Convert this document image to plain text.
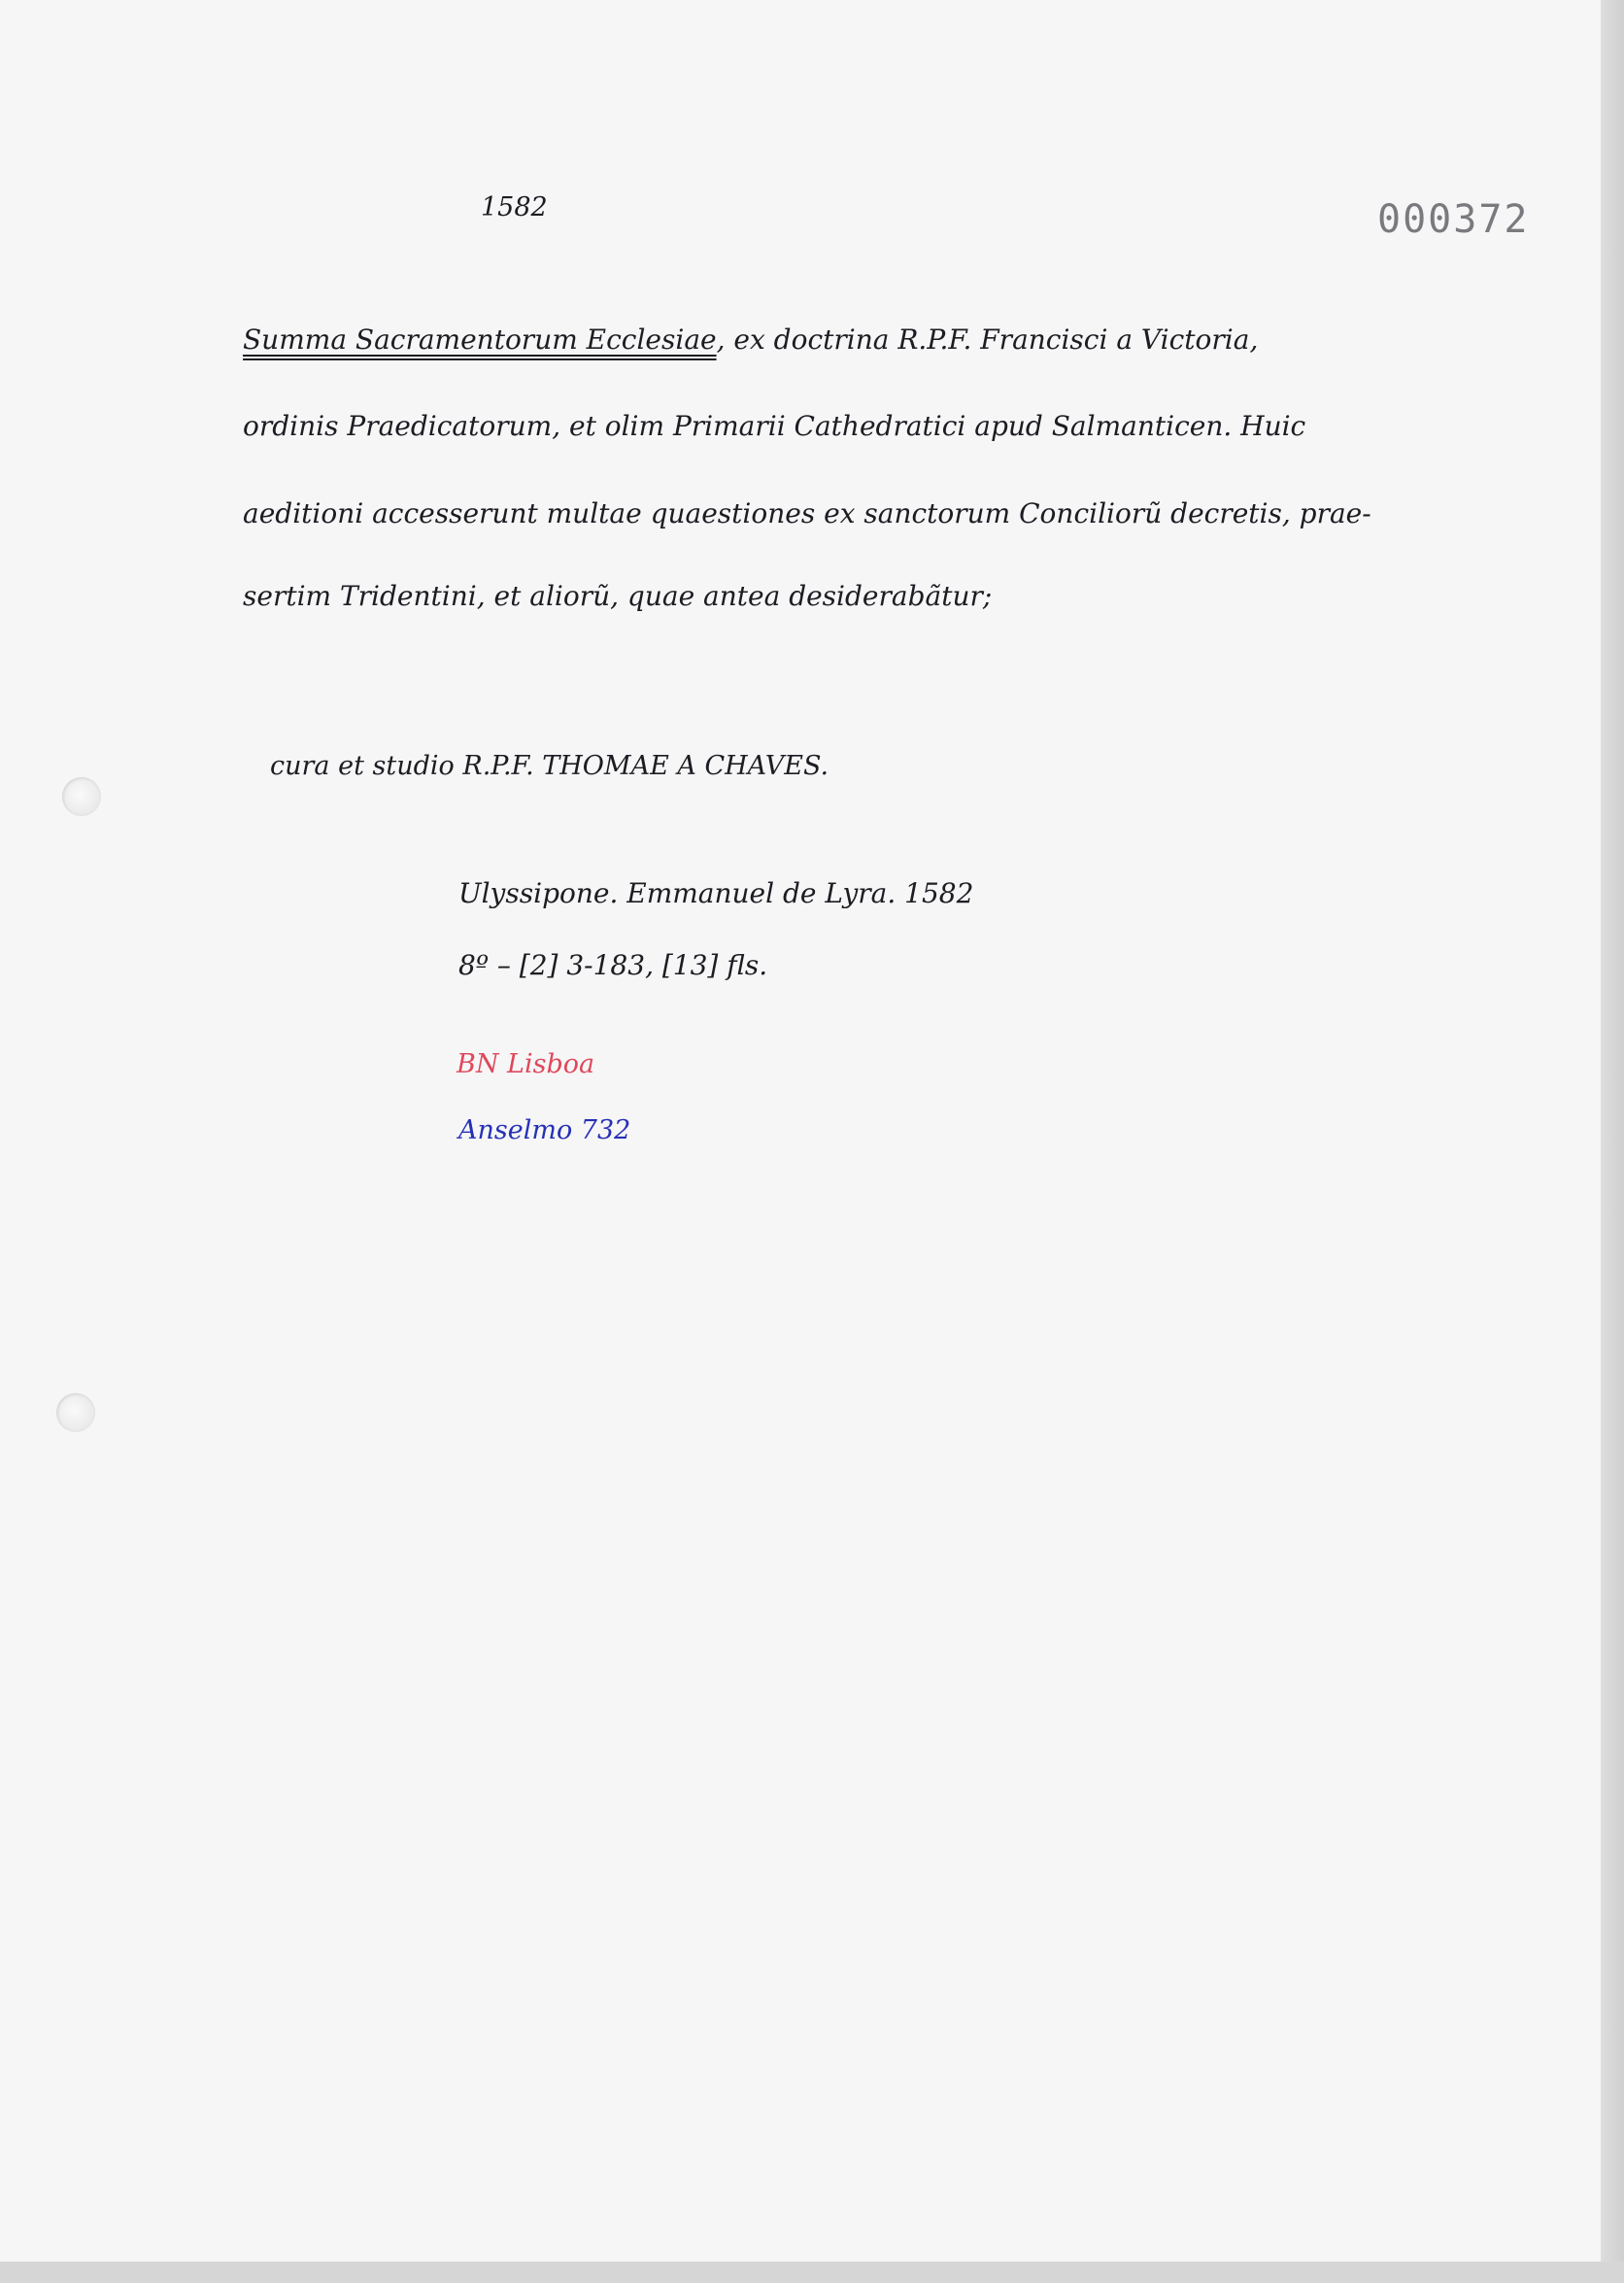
1582	000372
Summa Sacramentorum Ecclesiae, ex doctrina R.P.F. Francisci a Victoria,
ordinis Praedicatorum, et olim Primarii Cathedratici apud Salmanticen. Huic
aeditioni accesserunt multae quaestiones ex sanctorum Conciliorũ decretis, prae-
sertim Tridentini, et aliorũ, quae antea desiderabãtur;
cura et studio R.P.F. THOMAE A CHAVES.
Ulyssipone. Emmanuel de Lyra. 1582
8º – [2] 3-183, [13] fls.
BN Lisboa
Anselmo 732
